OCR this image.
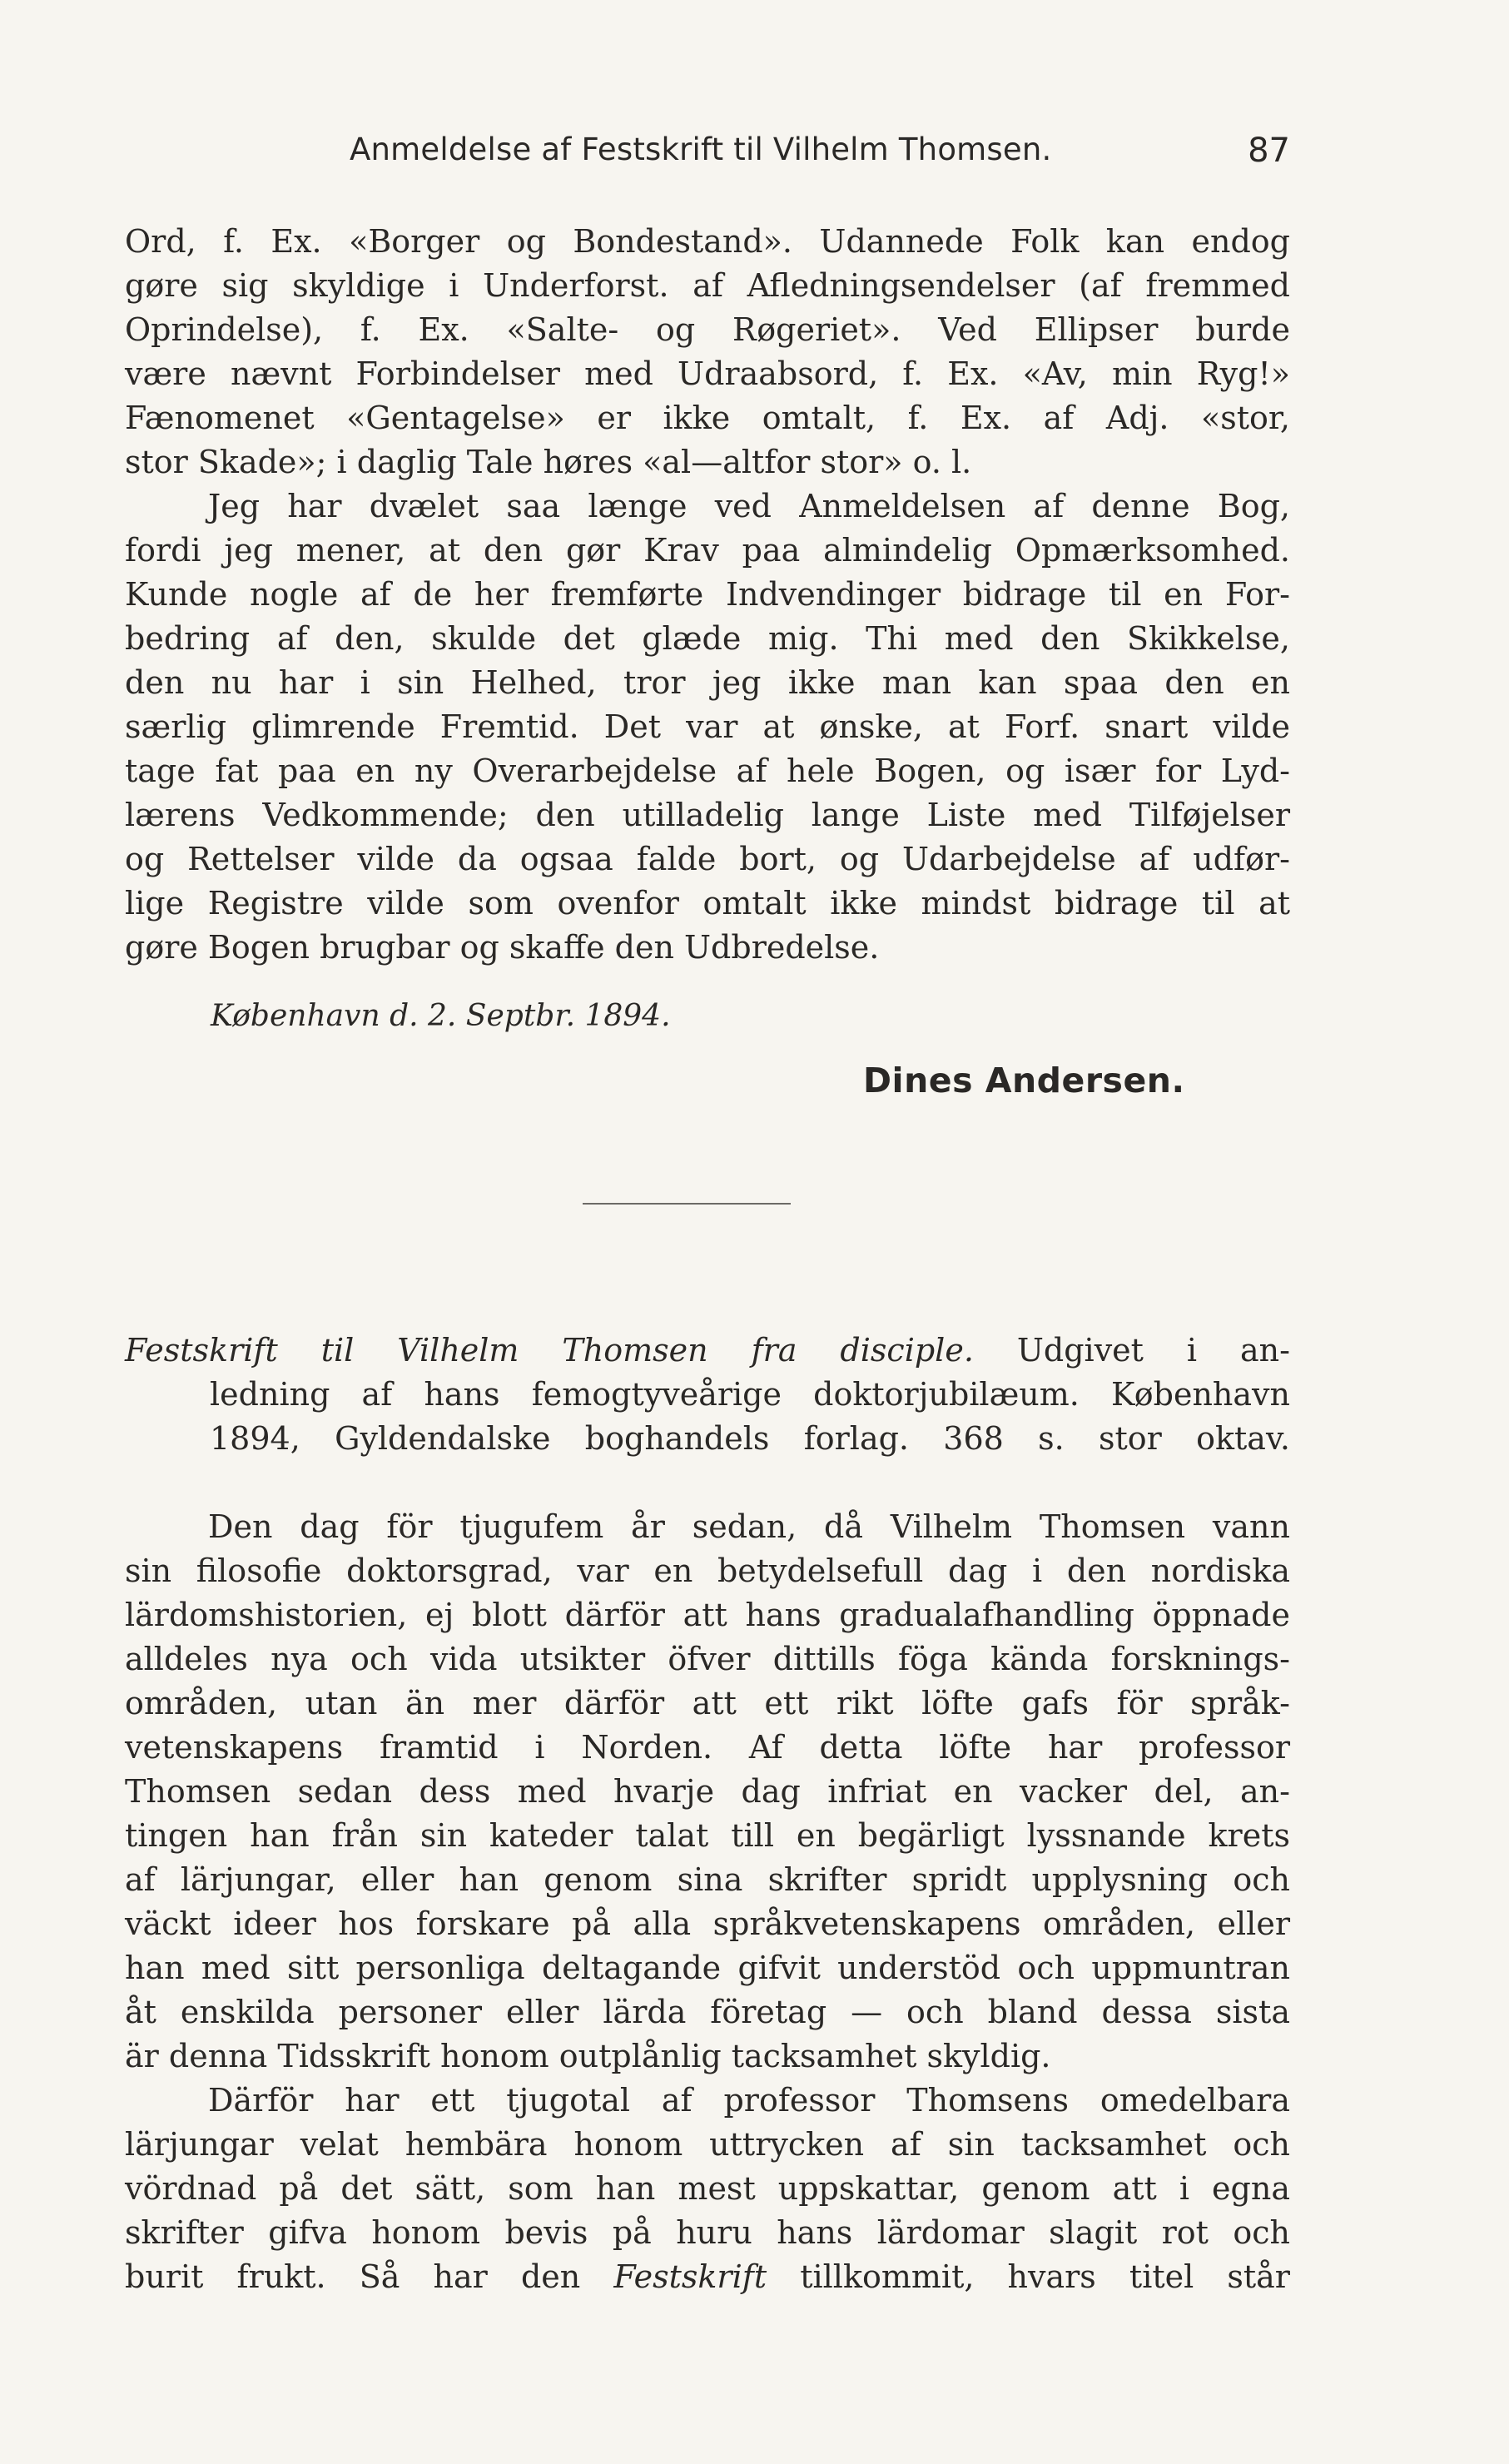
Anmeldelse af Festskrift til Vilhelm Thomsen.	87
Ord, f. Ex. «Borger og Bondestand». Udannede Folk kan endog
gøre sig skyldige i Underforst. af Afledningsendelser (af fremmed
Oprindelse), f. Ex. «Salte- og Røgeriet». Ved Ellipser burde
være nævnt Forbindelser med Udraabsord, f. Ex. «Av, min Ryg!»
Fænomenet «Gentagelse» er ikke omtalt, f. Ex. af Adj. «stor,
stor Skade»; i daglig Tale høres «al—altfor stor» o. l.
Jeg har dvælet saa længe ved Anmeldelsen af denne Bog,
fordi jeg mener, at den gør Krav paa almindelig Opmærksomhed.
Kunde nogle af de her fremførte Indvendinger bidrage til en For-
bedring af den, skulde det glæde mig. Thi med den Skikkelse,
den nu har i sin Helhed, tror jeg ikke man kan spaa den en
særlig glimrende Fremtid. Det var at ønske, at Forf. snart vilde
tage fat paa en ny Overarbejdelse af hele Bogen, og især for Lyd-
lærens Vedkommende; den utilladelig lange Liste med Tilføjelser
og Rettelser vilde da ogsaa falde bort, og Udarbejdelse af udfør-
lige Registre vilde som ovenfor omtalt ikke mindst bidrage til at
gøre Bogen brugbar og skaffe den Udbredelse.
København d. 2. Septbr. 1894.
Dines Andersen.
Festskrift til Vilhelm Thomsen fra disciple. Udgivet i an-
ledning af hans femogtyveårige doktorjubilæum. København
1894, Gyldendalske boghandels forlag. 368 s. stor oktav.
Den dag för tjugufem år sedan, då Vilhelm Thomsen vann
sin filosofie doktorsgrad, var en betydelsefull dag i den nordiska
lärdomshistorien, ej blott därför att hans gradualafhandling öppnade
alldeles nya och vida utsikter öfver dittills föga kända forsknings-
områden, utan än mer därför att ett rikt löfte gafs för språk-
vetenskapens framtid i Norden. Af detta löfte har professor
Thomsen sedan dess med hvarje dag infriat en vacker del, an-
tingen han från sin kateder talat till en begärligt lyssnande krets
af lärjungar, eller han genom sina skrifter spridt upplysning och
väckt ideer hos forskare på alla språkvetenskapens områden, eller
han med sitt personliga deltagande gifvit understöd och uppmuntran
åt enskilda personer eller lärda företag — och bland dessa sista
är denna Tidsskrift honom outplånlig tacksamhet skyldig.
Därför har ett tjugotal af professor Thomsens omedelbara
lärjungar velat hembära honom uttrycken af sin tacksamhet och
vördnad på det sätt, som han mest uppskattar, genom att i egna
skrifter gifva honom bevis på huru hans lärdomar slagit rot och
burit frukt. Så har den Festskrift tillkommit, hvars titel står
